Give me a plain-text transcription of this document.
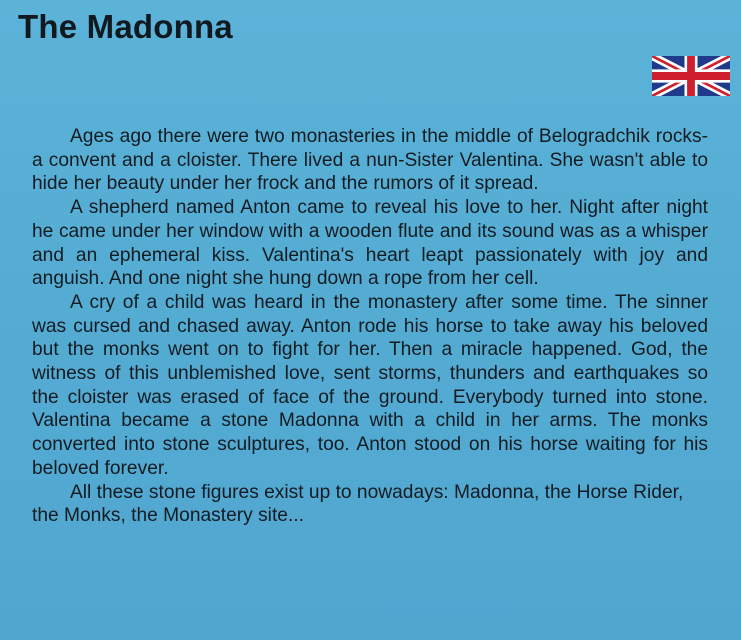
The Madonna

Ages ago there were two monasteries in the middle of Belogradchik rocks-a convent and a cloister. There lived a nun-Sister Valentina. She wasn't able to hide her beauty under her frock and the rumors of it spread.

A shepherd named Anton came to reveal his love to her. Night after night he came under her window with a wooden flute and its sound was as a whisper and an ephemeral kiss. Valentina's heart leapt passionately with joy and anguish. And one night she hung down a rope from her cell.

A cry of a child was heard in the monastery after some time. The sinner was cursed and chased away. Anton rode his horse to take away his beloved but the monks went on to fight for her. Then a miracle happened. God, the witness of this unblemished love, sent storms, thunders and earthquakes so the cloister was erased of face of the ground. Everybody turned into stone. Valentina became a stone Madonna with a child in her arms. The monks converted into stone sculptures, too. Anton stood on his horse waiting for his beloved forever.

All these stone figures exist up to nowadays: Madonna, the Horse Rider, the Monks, the Monastery site...
